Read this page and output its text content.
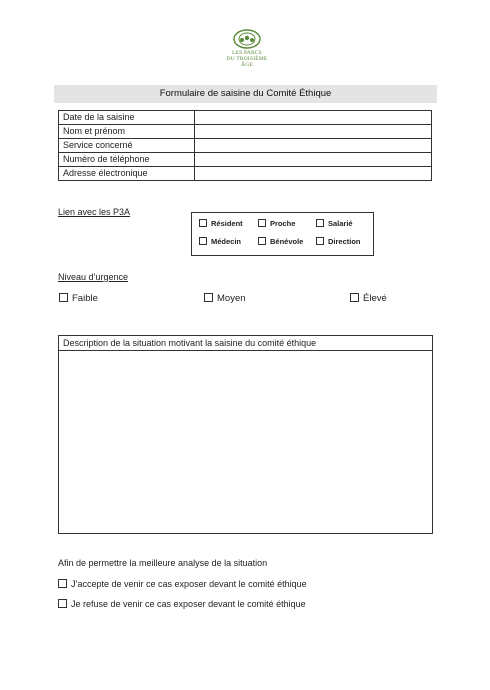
LES PARCS
DU TROISIÈME ÂGE
Formulaire de saisine du Comité Éthique
Date de la saisine	
Nom et prénom	
Service concerné	
Numéro de téléphone	
Adresse électronique	
Lien avec les P3A
Résident	Proche	Salarié
Médecin	Bénévole	Direction
Niveau d’urgence
Faible	Moyen	Élevé
Description de la situation motivant la saisine du comité éthique
Afin de permettre la meilleure analyse de la situation
J’accepte de venir ce cas exposer devant le comité éthique
Je refuse de venir ce cas exposer devant le comité éthique
